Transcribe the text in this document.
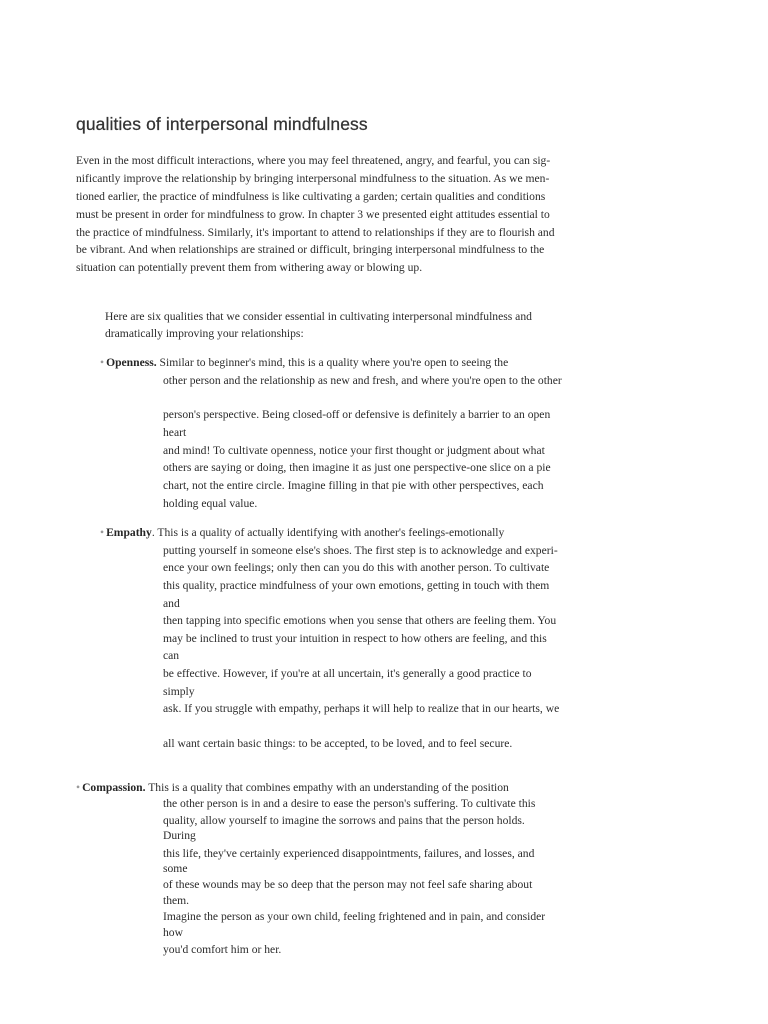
qualities of interpersonal mindfulness
Even in the most difficult interactions, where you may feel threatened, angry, and fearful, you can sig-
nificantly improve the relationship by bringing interpersonal mindfulness to the situation. As we men-
tioned earlier, the practice of mindfulness is like cultivating a garden; certain qualities and conditions
must be present in order for mindfulness to grow. In chapter 3 we presented eight attitudes essential to
the practice of mindfulness. Similarly, it's important to attend to relationships if they are to flourish and
be vibrant. And when relationships are strained or difficult, bringing interpersonal mindfulness to the
situation can potentially prevent them from withering away or blowing up.
Here are six qualities that we consider essential in cultivating interpersonal mindfulness and
dramatically improving your relationships:
• Openness. Similar to beginner's mind, this is a quality where you're open to seeing the
other person and the relationship as new and fresh, and where you're open to the other
person's perspective. Being closed-off or defensive is definitely a barrier to an open
heart
and mind! To cultivate openness, notice your first thought or judgment about what
others are saying or doing, then imagine it as just one perspective-one slice on a pie
chart, not the entire circle. Imagine filling in that pie with other perspectives, each
holding equal value.
• Empathy. This is a quality of actually identifying with another's feelings-emotionally
putting yourself in someone else's shoes. The first step is to acknowledge and experi-
ence your own feelings; only then can you do this with another person. To cultivate
this quality, practice mindfulness of your own emotions, getting in touch with them
and
then tapping into specific emotions when you sense that others are feeling them. You
may be inclined to trust your intuition in respect to how others are feeling, and this
can
be effective. However, if you're at all uncertain, it's generally a good practice to
simply
ask. If you struggle with empathy, perhaps it will help to realize that in our hearts, we
all want certain basic things: to be accepted, to be loved, and to feel secure.
• Compassion. This is a quality that combines empathy with an understanding of the position
the other person is in and a desire to ease the person's suffering. To cultivate this
quality, allow yourself to imagine the sorrows and pains that the person holds.
During
this life, they've certainly experienced disappointments, failures, and losses, and
some
of these wounds may be so deep that the person may not feel safe sharing about
them.
Imagine the person as your own child, feeling frightened and in pain, and consider
how
you'd comfort him or her.
